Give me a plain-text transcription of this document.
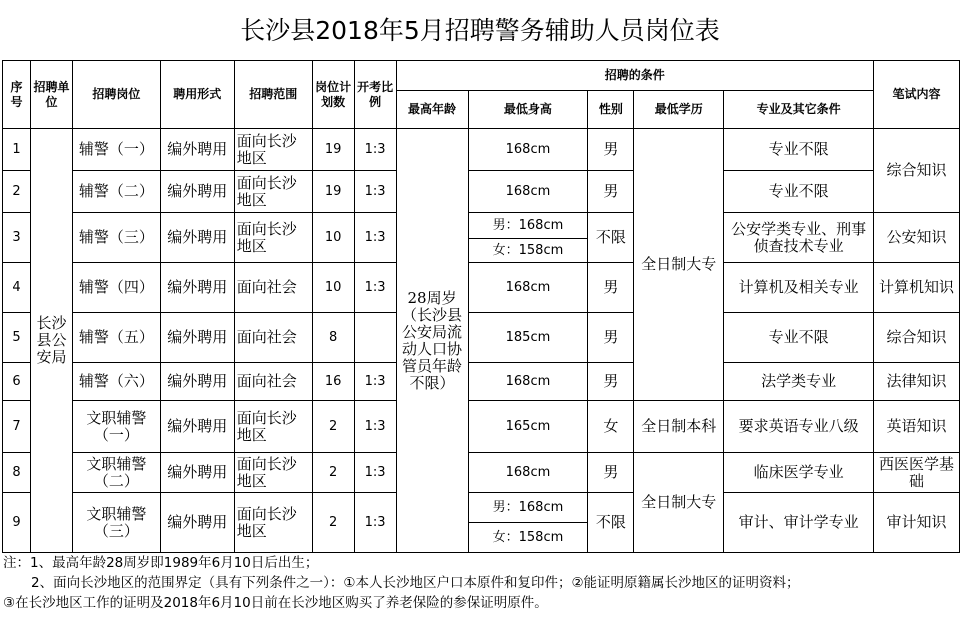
长沙县2018年5月招聘警务辅助人员岗位表
序号	招聘单位	招聘岗位	聘用形式	招聘范围	岗位计划数	开考比例	招聘的条件					笔试内容
							最高年龄	最低身高	性别	最低学历	专业及其它条件	
1	长沙县公安局	辅警（一）	编外聘用	面向长沙地区	19	1:3	28周岁（长沙县公安局流动人口协管员年龄不限）	168cm	男	全日制大专	专业不限	综合知识
2		辅警（二）	编外聘用	面向长沙地区	19	1:3		168cm	男		专业不限	
3		辅警（三）	编外聘用	面向长沙地区	10	1:3		男：168cm	不限		公安学类专业、刑事侦查技术专业	公安知识
								女：158cm				
4		辅警（四）	编外聘用	面向社会	10	1:3		168cm	男		计算机及相关专业	计算机知识
5		辅警（五）	编外聘用	面向社会	8			185cm	男		专业不限	综合知识
6		辅警（六）	编外聘用	面向社会	16	1:3		168cm	男		法学类专业	法律知识
7		文职辅警（一）	编外聘用	面向长沙地区	2	1:3		165cm	女	全日制本科	要求英语专业八级	英语知识
8		文职辅警（二）	编外聘用	面向长沙地区	2	1:3		168cm	男	全日制大专	临床医学专业	西医医学基础
9		文职辅警（三）	编外聘用	面向长沙地区	2	1:3		男：168cm	不限		审计、审计学专业	审计知识
								女：158cm				
注：1、最高年龄28周岁即1989年6月10日后出生；
2、面向长沙地区的范围界定（具有下列条件之一）：①本人长沙地区户口本原件和复印件；②能证明原籍属长沙地区的证明资料；
③在长沙地区工作的证明及2018年6月10日前在长沙地区购买了养老保险的参保证明原件。
